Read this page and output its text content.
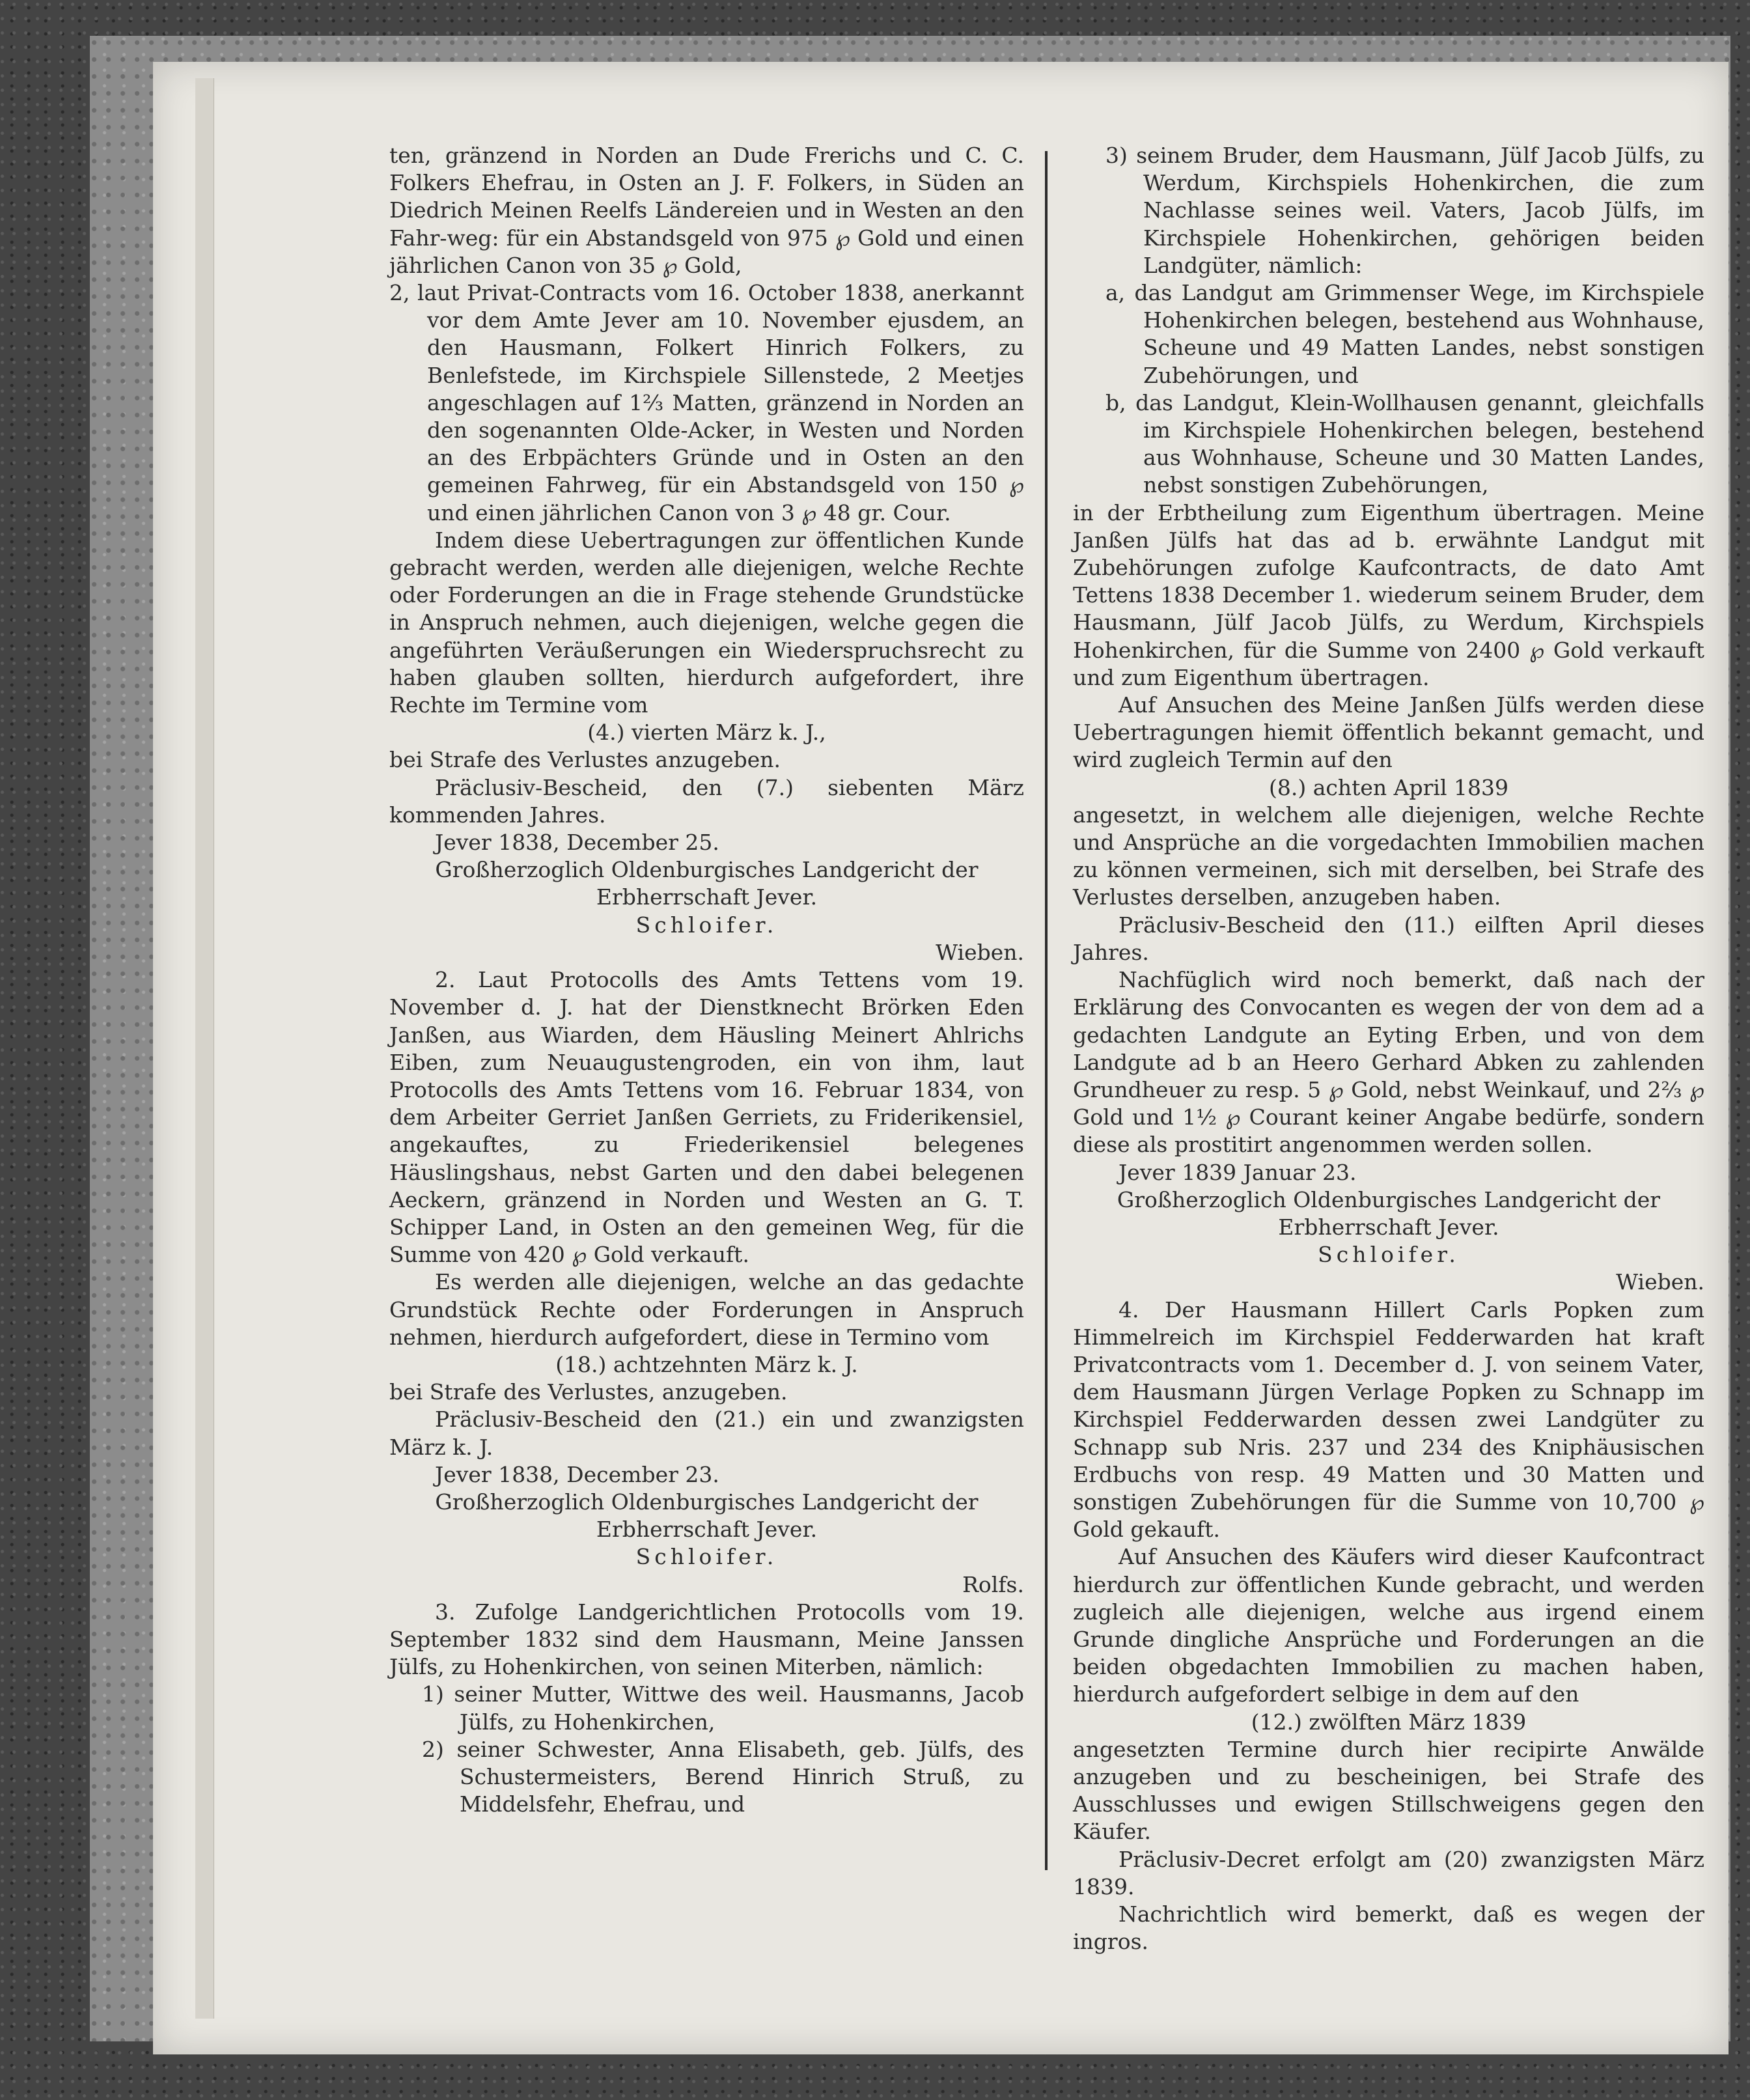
ten, gränzend in Norden an Dude Frerichs und C. C. Folkers Ehefrau, in Osten an J. F. Folkers, in Süden an Diedrich Meinen Reelfs Ländereien und in Westen an den Fahr-weg: für ein Abstandsgeld von 975 ℘ Gold und einen jährlichen Canon von 35 ℘ Gold,

2, laut Privat-Contracts vom 16. October 1838, anerkannt vor dem Amte Jever am 10. November ejusdem, an den Hausmann, Folkert Hinrich Folkers, zu Benlefstede, im Kirchspiele Sillenstede, 2 Meetjes angeschlagen auf 1⅔ Matten, gränzend in Norden an den sogenannten Olde-Acker, in Westen und Norden an des Erbpächters Gründe und in Osten an den gemeinen Fahrweg, für ein Abstandsgeld von 150 ℘ und einen jährlichen Canon von 3 ℘ 48 gr. Cour.

Indem diese Uebertragungen zur öffentlichen Kunde gebracht werden, werden alle diejenigen, welche Rechte oder Forderungen an die in Frage stehende Grundstücke in Anspruch nehmen, auch diejenigen, welche gegen die angeführten Veräußerungen ein Wiederspruchsrecht zu haben glauben sollten, hierdurch aufgefordert, ihre Rechte im Termine vom

(4.) vierten März k. J.,

bei Strafe des Verlustes anzugeben.

Präclusiv-Bescheid, den (7.) siebenten März kommenden Jahres.

Jever 1838, December 25.

Großherzoglich Oldenburgisches Landgericht der Erbherrschaft Jever.

Schloifer.

Wieben.

2. Laut Protocolls des Amts Tettens vom 19. November d. J. hat der Dienstknecht Brörken Eden Janßen, aus Wiarden, dem Häusling Meinert Ahlrichs Eiben, zum Neuaugustengroden, ein von ihm, laut Protocolls des Amts Tettens vom 16. Februar 1834, von dem Arbeiter Gerriet Janßen Gerriets, zu Friderikensiel, angekauftes, zu Friederikensiel belegenes Häuslingshaus, nebst Garten und den dabei belegenen Aeckern, gränzend in Norden und Westen an G. T. Schipper Land, in Osten an den gemeinen Weg, für die Summe von 420 ℘ Gold verkauft.

Es werden alle diejenigen, welche an das gedachte Grundstück Rechte oder Forderungen in Anspruch nehmen, hierdurch aufgefordert, diese in Termino vom

(18.) achtzehnten März k. J.

bei Strafe des Verlustes, anzugeben.

Präclusiv-Bescheid den (21.) ein und zwanzigsten März k. J.

Jever 1838, December 23.

Großherzoglich Oldenburgisches Landgericht der Erbherrschaft Jever.

Schloifer.

Rolfs.

3. Zufolge Landgerichtlichen Protocolls vom 19. September 1832 sind dem Hausmann, Meine Janssen Jülfs, zu Hohenkirchen, von seinen Miterben, nämlich:

1) seiner Mutter, Wittwe des weil. Hausmanns, Jacob Jülfs, zu Hohenkirchen,

2) seiner Schwester, Anna Elisabeth, geb. Jülfs, des Schustermeisters, Berend Hinrich Struß, zu Middelsfehr, Ehefrau, und

3) seinem Bruder, dem Hausmann, Jülf Jacob Jülfs, zu Werdum, Kirchspiels Hohenkirchen, die zum Nachlasse seines weil. Vaters, Jacob Jülfs, im Kirchspiele Hohenkirchen, gehörigen beiden Landgüter, nämlich:

a, das Landgut am Grimmenser Wege, im Kirchspiele Hohenkirchen belegen, bestehend aus Wohnhause, Scheune und 49 Matten Landes, nebst sonstigen Zubehörungen, und

b, das Landgut, Klein-Wollhausen genannt, gleichfalls im Kirchspiele Hohenkirchen belegen, bestehend aus Wohnhause, Scheune und 30 Matten Landes, nebst sonstigen Zubehörungen,

in der Erbtheilung zum Eigenthum übertragen. Meine Janßen Jülfs hat das ad b. erwähnte Landgut mit Zubehörungen zufolge Kaufcontracts, de dato Amt Tettens 1838 December 1. wiederum seinem Bruder, dem Hausmann, Jülf Jacob Jülfs, zu Werdum, Kirchspiels Hohenkirchen, für die Summe von 2400 ℘ Gold verkauft und zum Eigenthum übertragen.

Auf Ansuchen des Meine Janßen Jülfs werden diese Uebertragungen hiemit öffentlich bekannt gemacht, und wird zugleich Termin auf den

(8.) achten April 1839

angesetzt, in welchem alle diejenigen, welche Rechte und Ansprüche an die vorgedachten Immobilien machen zu können vermeinen, sich mit derselben, bei Strafe des Verlustes derselben, anzugeben haben.

Präclusiv-Bescheid den (11.) eilften April dieses Jahres.

Nachfüglich wird noch bemerkt, daß nach der Erklärung des Convocanten es wegen der von dem ad a gedachten Landgute an Eyting Erben, und von dem Landgute ad b an Heero Gerhard Abken zu zahlenden Grundheuer zu resp. 5 ℘ Gold, nebst Weinkauf, und 2⅔ ℘ Gold und 1½ ℘ Courant keiner Angabe bedürfe, sondern diese als prostitirt angenommen werden sollen.

Jever 1839 Januar 23.

Großherzoglich Oldenburgisches Landgericht der Erbherrschaft Jever.

Schloifer.

Wieben.

4. Der Hausmann Hillert Carls Popken zum Himmelreich im Kirchspiel Fedderwarden hat kraft Privatcontracts vom 1. December d. J. von seinem Vater, dem Hausmann Jürgen Verlage Popken zu Schnapp im Kirchspiel Fedderwarden dessen zwei Landgüter zu Schnapp sub Nris. 237 und 234 des Kniphäusischen Erdbuchs von resp. 49 Matten und 30 Matten und sonstigen Zubehörungen für die Summe von 10,700 ℘ Gold gekauft.

Auf Ansuchen des Käufers wird dieser Kaufcontract hierdurch zur öffentlichen Kunde gebracht, und werden zugleich alle diejenigen, welche aus irgend einem Grunde dingliche Ansprüche und Forderungen an die beiden obgedachten Immobilien zu machen haben, hierdurch aufgefordert selbige in dem auf den

(12.) zwölften März 1839

angesetzten Termine durch hier recipirte Anwälde anzugeben und zu bescheinigen, bei Strafe des Ausschlusses und ewigen Stillschweigens gegen den Käufer.

Präclusiv-Decret erfolgt am (20) zwanzigsten März 1839.

Nachrichtlich wird bemerkt, daß es wegen der ingros.
